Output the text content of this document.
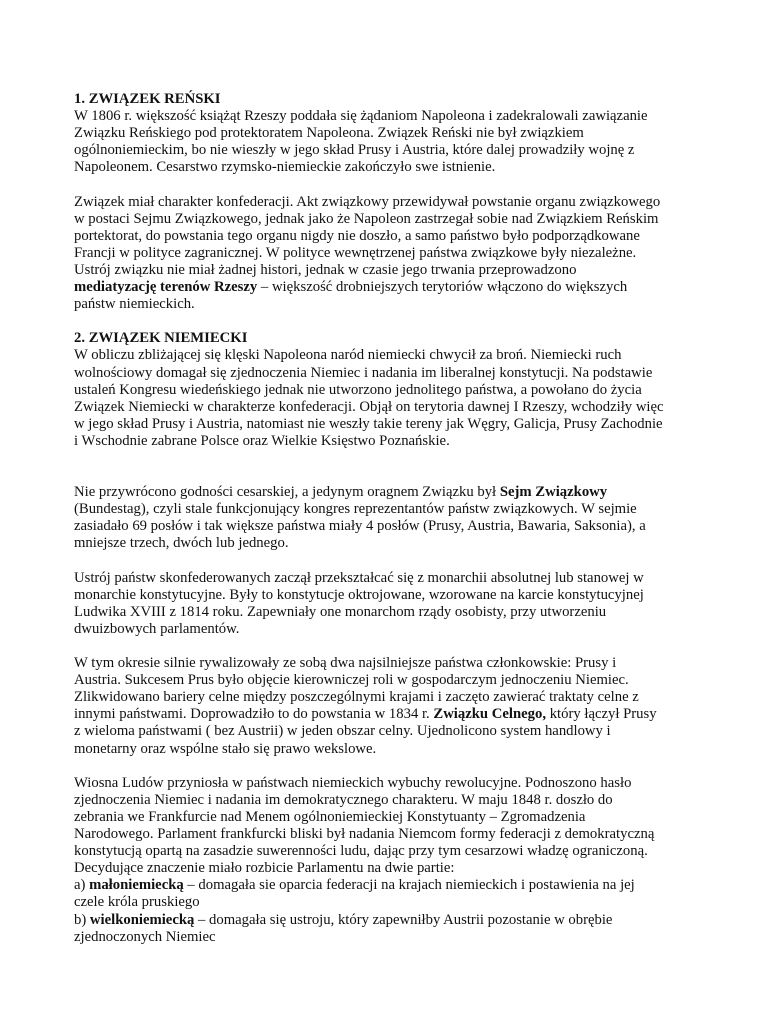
1. ZWIĄZEK REŃSKI
W 1806 r. większość książąt Rzeszy poddała się żądaniom Napoleona i zadekralowali zawiązanie
Związku Reńskiego pod protektoratem Napoleona. Związek Reński nie był związkiem
ogólnoniemieckim, bo nie wieszły w jego skład Prusy i Austria, które dalej prowadziły wojnę z
Napoleonem. Cesarstwo rzymsko-niemieckie zakończyło swe istnienie.
Związek miał charakter konfederacji. Akt związkowy przewidywał powstanie organu związkowego
w postaci Sejmu Związkowego, jednak jako że Napoleon zastrzegał sobie nad Związkiem Reńskim
portektorat, do powstania tego organu nigdy nie doszło, a samo państwo było podporządkowane
Francji w polityce zagranicznej. W polityce wewnętrzenej państwa związkowe były niezależne.
Ustrój związku nie miał żadnej histori, jednak w czasie jego trwania przeprowadzono
mediatyzację terenów Rzeszy – większość drobniejszych terytoriów włączono do większych
państw niemieckich.
2. ZWIĄZEK NIEMIECKI
W obliczu zbliżającej się klęski Napoleona naród niemiecki chwycił za broń. Niemiecki ruch
wolnościowy domagał się zjednoczenia Niemiec i nadania im liberalnej konstytucji. Na podstawie
ustaleń Kongresu wiedeńskiego jednak nie utworzono jednolitego państwa, a powołano do życia
Związek Niemiecki w charakterze konfederacji. Objął on terytoria dawnej I Rzeszy, wchodziły więc
w jego skład Prusy i Austria, natomiast nie weszły takie tereny jak Węgry, Galicja, Prusy Zachodnie
i Wschodnie zabrane Polsce oraz Wielkie Księstwo Poznańskie.
Nie przywrócono godności cesarskiej, a jedynym oragnem Związku był Sejm Związkowy
(Bundestag), czyli stale funkcjonujący kongres reprezentantów państw związkowych. W sejmie
zasiadało 69 posłów i tak większe państwa miały 4 posłów (Prusy, Austria, Bawaria, Saksonia), a
mniejsze trzech, dwóch lub jednego.
Ustrój państw skonfederowanych zaczął przekształcać się z monarchii absolutnej lub stanowej w
monarchie konstytucyjne. Były to konstytucje oktrojowane, wzorowane na karcie konstytucyjnej
Ludwika XVIII z 1814 roku. Zapewniały one monarchom rządy osobisty, przy utworzeniu
dwuizbowych parlamentów.
W tym okresie silnie rywalizowały ze sobą dwa najsilniejsze państwa członkowskie: Prusy i
Austria. Sukcesem Prus było objęcie kierowniczej roli w gospodarczym jednoczeniu Niemiec.
Zlikwidowano bariery celne między poszczególnymi krajami i zaczęto zawierać traktaty celne z
innymi państwami. Doprowadziło to do powstania w 1834 r. Związku Celnego, który łączył Prusy
z wieloma państwami ( bez Austrii) w jeden obszar celny. Ujednolicono system handlowy i
monetarny oraz wspólne stało się prawo wekslowe.
Wiosna Ludów przyniosła w państwach niemieckich wybuchy rewolucyjne. Podnoszono hasło
zjednoczenia Niemiec i nadania im demokratycznego charakteru. W maju 1848 r. doszło do
zebrania we Frankfurcie nad Menem ogólnoniemieckiej Konstytuanty – Zgromadzenia
Narodowego. Parlament frankfurcki bliski był nadania Niemcom formy federacji z demokratyczną
konstytucją opartą na zasadzie suwerenności ludu, dając przy tym cesarzowi władzę ograniczoną.
Decydujące znaczenie miało rozbicie Parlamentu na dwie partie:
a) małoniemiecką – domagała sie oparcia federacji na krajach niemieckich i postawienia na jej
czele króla pruskiego
b) wielkoniemiecką – domagała się ustroju, który zapewniłby Austrii pozostanie w obrębie
zjednoczonych Niemiec
